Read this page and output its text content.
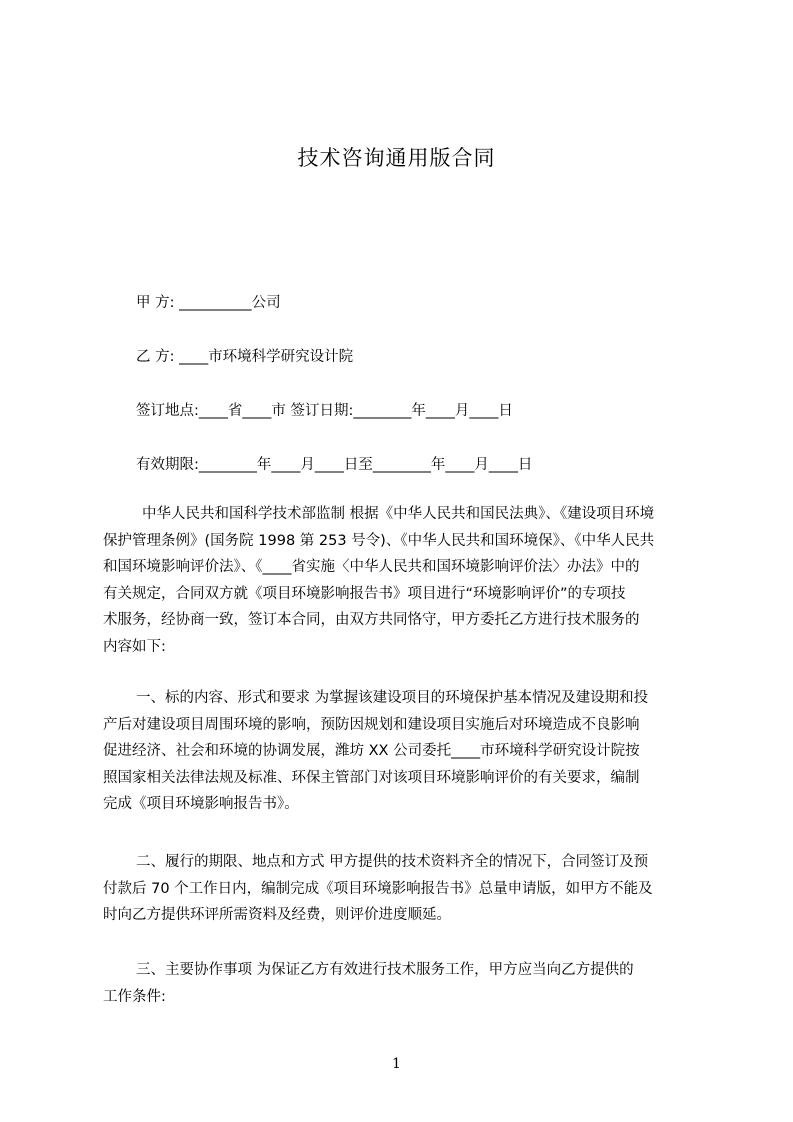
技术咨询通用版合同
甲 方: __________公司
乙 方: ____市环境科学研究设计院
签订地点:____省____市 签订日期:________年____月____日
有效期限:________年____月____日至________年____月____日
中华人民共和国科学技术部监制 根据《中华人民共和国民法典》、《建设项目环境
保护管理条例》(国务院 1998 第 253 号令)、《中华人民共和国环境保》、《中华人民共
和国环境影响评价法》、《____省实施〈中华人民共和国环境影响评价法〉办法》中的
有关规定，合同双方就《项目环境影响报告书》项目进行“环境影响评价”的专项技
术服务，经协商一致，签订本合同，由双方共同恪守，甲方委托乙方进行技术服务的
内容如下:
一、标的内容、形式和要求 为掌握该建设项目的环境保护基本情况及建设期和投
产后对建设项目周围环境的影响，预防因规划和建设项目实施后对环境造成不良影响
促进经济、社会和环境的协调发展，潍坊 XX 公司委托____市环境科学研究设计院按
照国家相关法律法规及标准、环保主管部门对该项目环境影响评价的有关要求，编制
完成《项目环境影响报告书》。
二、履行的期限、地点和方式 甲方提供的技术资料齐全的情况下，合同签订及预
付款后 70 个工作日内，编制完成《项目环境影响报告书》总量申请版，如甲方不能及
时向乙方提供环评所需资料及经费，则评价进度顺延。
三、主要协作事项 为保证乙方有效进行技术服务工作，甲方应当向乙方提供的
工作条件:
1
